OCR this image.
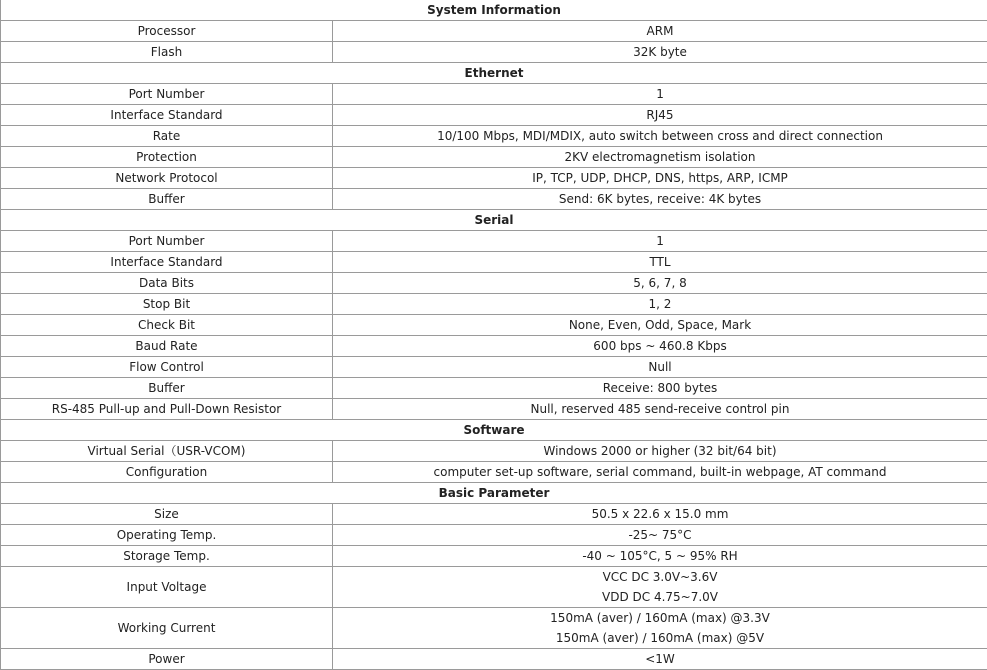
System Information	
Processor	ARM

Flash	32K byte

Ethernet	
Port Number	1

Interface Standard	RJ45

Rate	10/100 Mbps, MDI/MDIX, auto switch between cross and direct connection

Protection	2KV electromagnetism isolation

Network Protocol	IP, TCP, UDP, DHCP, DNS, https, ARP, ICMP

Buffer	Send: 6K bytes, receive: 4K bytes

Serial	
Port Number	1

Interface Standard	TTL

Data Bits	5, 6, 7, 8

Stop Bit	1, 2

Check Bit	None, Even, Odd, Space, Mark

Baud Rate	600 bps ~ 460.8 Kbps

Flow Control	Null

Buffer	Receive: 800 bytes

RS-485 Pull-up and Pull-Down Resistor	Null, reserved 485 send-receive control pin

Software	
Virtual Serial（USR-VCOM)	Windows 2000 or higher (32 bit/64 bit)

Configuration	computer set-up software, serial command, built-in webpage, AT command

Basic Parameter	
Size	50.5 x 22.6 x 15.0 mm

Operating Temp.	-25~ 75°C

Storage Temp.	-40 ~ 105°C, 5 ~ 95% RH

Input Voltage	VCC DC 3.0V~3.6V
VDD DC 4.75~7.0V

Working Current	150mA (aver) / 160mA (max) @3.3V
150mA (aver) / 160mA (max) @5V

Power	<1W
